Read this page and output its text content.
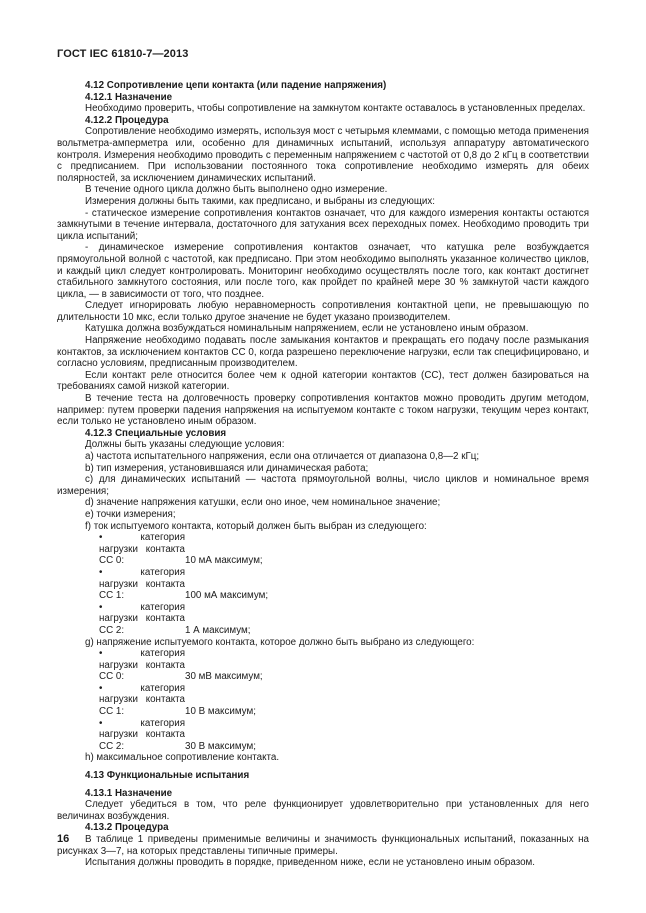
ГОСТ IEC 61810-7—2013

4.12 Сопротивление цепи контакта (или падение напряжения)

4.12.1 Назначение

Необходимо проверить, чтобы сопротивление на замкнутом контакте оставалось в установленных пределах.

4.12.2 Процедура

Сопротивление необходимо измерять, используя мост с четырьмя клеммами, с помощью метода применения вольтметра-амперметра или, особенно для динамичных испытаний, используя аппаратуру автоматического контроля. Измерения необходимо проводить с переменным напряжением с частотой от 0,8 до 2 кГц в соответствии с предписанием. При использовании постоянного тока сопротивление необходимо измерять для обеих полярностей, за исключением динамических испытаний.

В течение одного цикла должно быть выполнено одно измерение.

Измерения должны быть такими, как предписано, и выбраны из следующих:

- статическое измерение сопротивления контактов означает, что для каждого измерения контакты остаются замкнутыми в течение интервала, достаточного для затухания всех переходных помех. Необходимо проводить три цикла испытаний;

- динамическое измерение сопротивления контактов означает, что катушка реле возбуждается прямоугольной волной с частотой, как предписано. При этом необходимо выполнять указанное количество циклов, и каждый цикл следует контролировать. Мониторинг необходимо осуществлять после того, как контакт достигнет стабильного замкнутого состояния, или после того, как пройдет по крайней мере 30 % замкнутой части каждого цикла, — в зависимости от того, что позднее.

Следует игнорировать любую неравномерность сопротивления контактной цепи, не превышающую по длительности 10 мкс, если только другое значение не будет указано производителем.

Катушка должна возбуждаться номинальным напряжением, если не установлено иным образом.

Напряжение необходимо подавать после замыкания контактов и прекращать его подачу после размыкания контактов, за исключением контактов CC 0, когда разрешено переключение нагрузки, если так специфицировано, и согласно условиям, предписанным производителем.

Если контакт реле относится более чем к одной категории контактов (CC), тест должен базироваться на требованиях самой низкой категории.

В течение теста на долговечность проверку сопротивления контактов можно проводить другим методом, например: путем проверки падения напряжения на испытуемом контакте с током нагрузки, текущим через контакт, если только не установлено иным образом.

4.12.3 Специальные условия

Должны быть указаны следующие условия:

a) частота испытательного напряжения, если она отличается от диапазона 0,8—2 кГц;

b) тип измерения, установившаяся или динамическая работа;

c) для динамических испытаний — частота прямоугольной волны, число циклов и номинальное время измерения;

d) значение напряжения катушки, если оно иное, чем номинальное значение;

e) точки измерения;

f) ток испытуемого контакта, который должен быть выбран из следующего:

• категория нагрузки контакта CC 0:	10 мА максимум;

• категория нагрузки контакта CC 1:	100 мА максимум;

• категория нагрузки контакта CC 2:	1 А максимум;

g) напряжение испытуемого контакта, которое должно быть выбрано из следующего:

• категория нагрузки контакта CC 0:	30 мВ максимум;

• категория нагрузки контакта CC 1:	10 В максимум;

• категория нагрузки контакта CC 2:	30 В максимум;

h) максимальное сопротивление контакта.

4.13 Функциональные испытания

4.13.1 Назначение

Следует убедиться в том, что реле функционирует удовлетворительно при установленных для него величинах возбуждения.

4.13.2 Процедура

В таблице 1 приведены применимые величины и значимость функциональных испытаний, показанных на рисунках 3—7, на которых представлены типичные примеры.

Испытания должны проводить в порядке, приведенном ниже, если не установлено иным образом.

16
